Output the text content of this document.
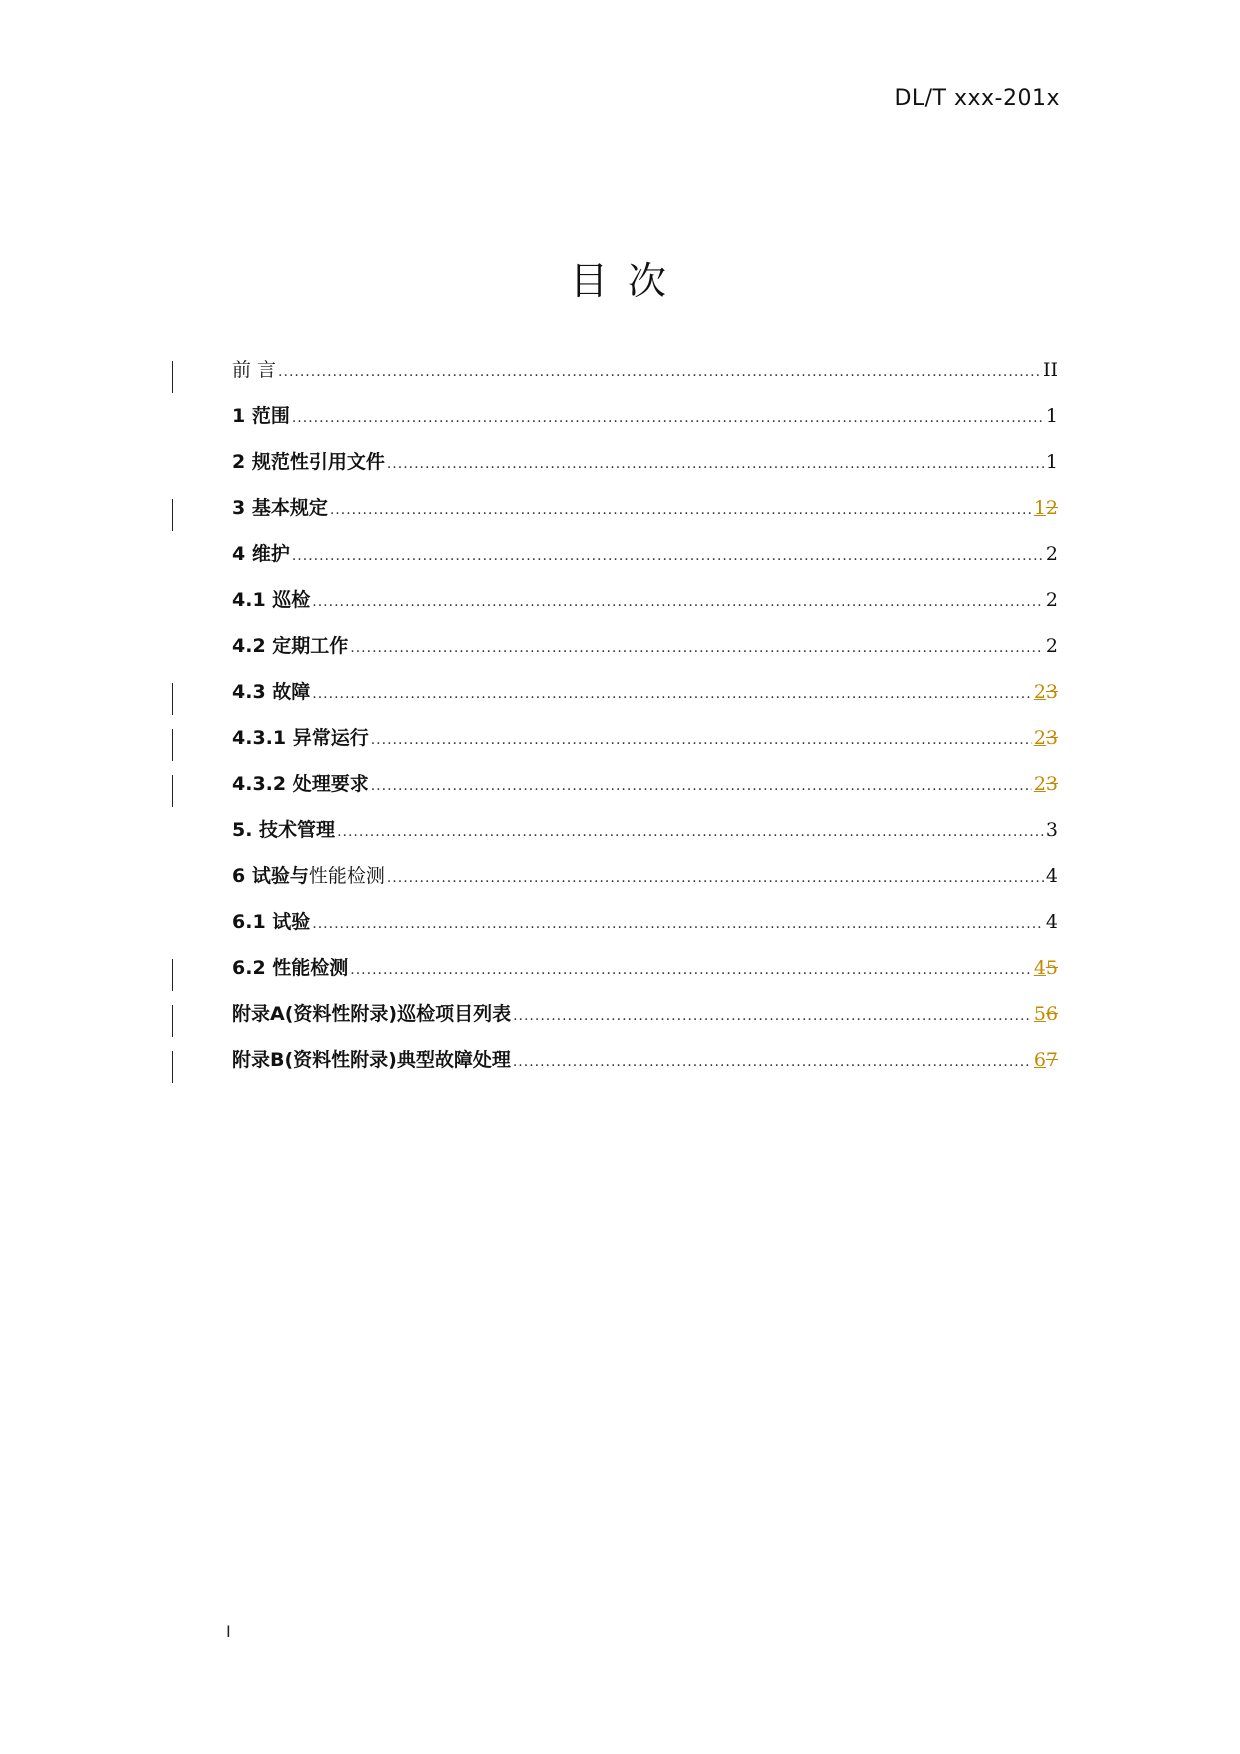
DL/T xxx-201x
目 次
前 言 .....	II
1 范围 .....	1
2 规范性引用文件 .....	1
3 基本规定 .....	12
4 维护 .....	2
4.1 巡检 .....	2
4.2 定期工作 .....	2
4.3 故障 .....	23
4.3.1 异常运行 .....	23
4.3.2 处理要求 .....	23
5. 技术管理 .....	3
6 试验与性能检测 .....	4
6.1 试验 .....	4
6.2 性能检测 .....	45
附录A(资料性附录)巡检项目列表 .....	56
附录B(资料性附录)典型故障处理 .....	67
I
